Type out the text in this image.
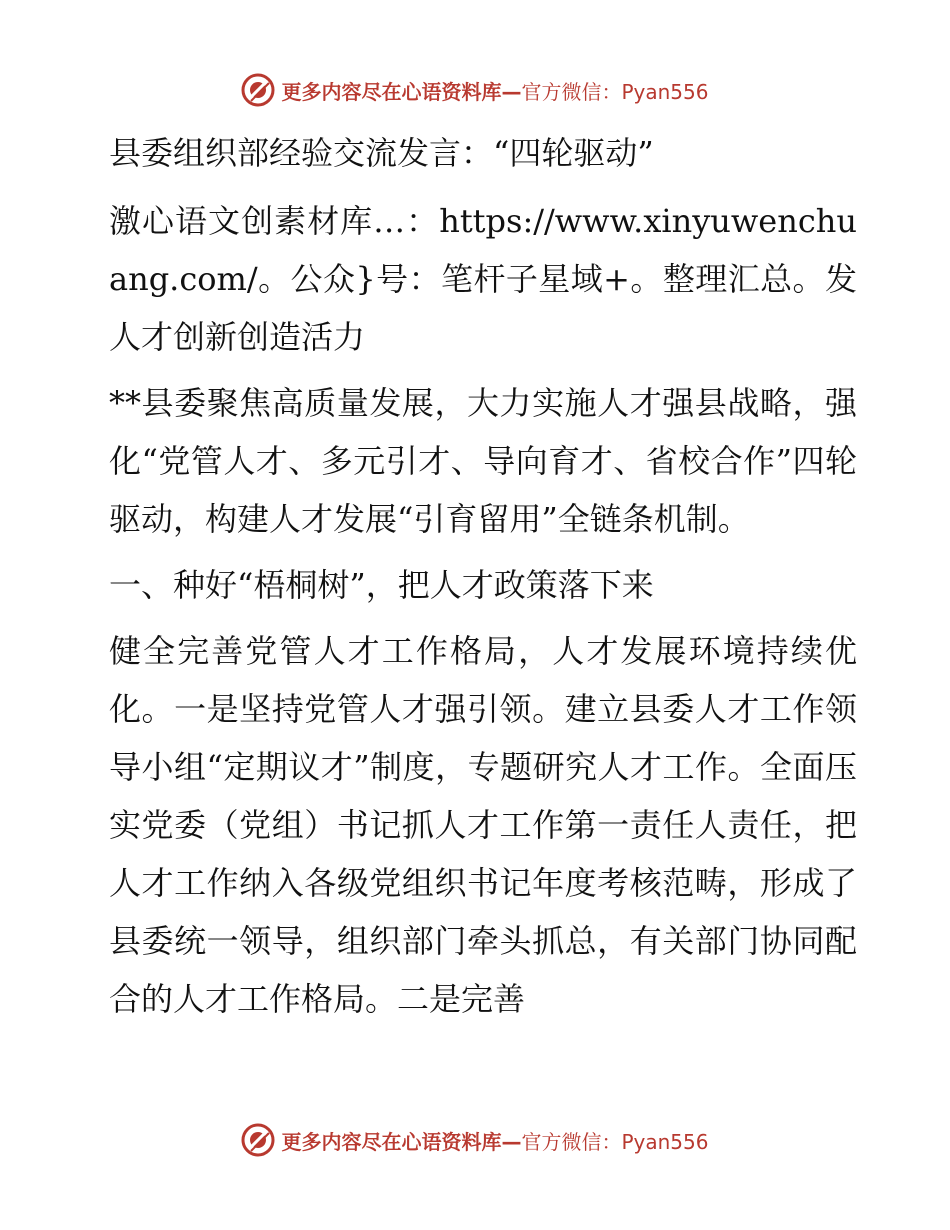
更多内容尽在心语资料库—官方微信：Pyan556

县委组织部经验交流发言：“四轮驱动”

激心语文创素材库…：https://www.xinyuwenchuang.com/。公众}号：笔杆子星域+。整理汇总。发人才创新创造活力

**县委聚焦高质量发展，大力实施人才强县战略，强化“党管人才、多元引才、导向育才、省校合作”四轮驱动，构建人才发展“引育留用”全链条机制。

一、种好“梧桐树”，把人才政策落下来

健全完善党管人才工作格局，人才发展环境持续优化。一是坚持党管人才强引领。建立县委人才工作领导小组“定期议才”制度，专题研究人才工作。全面压实党委（党组）书记抓人才工作第一责任人责任，把人才工作纳入各级党组织书记年度考核范畴，形成了县委统一领导，组织部门牵头抓总，有关部门协同配合的人才工作格局。二是完善

更多内容尽在心语资料库—官方微信：Pyan556
